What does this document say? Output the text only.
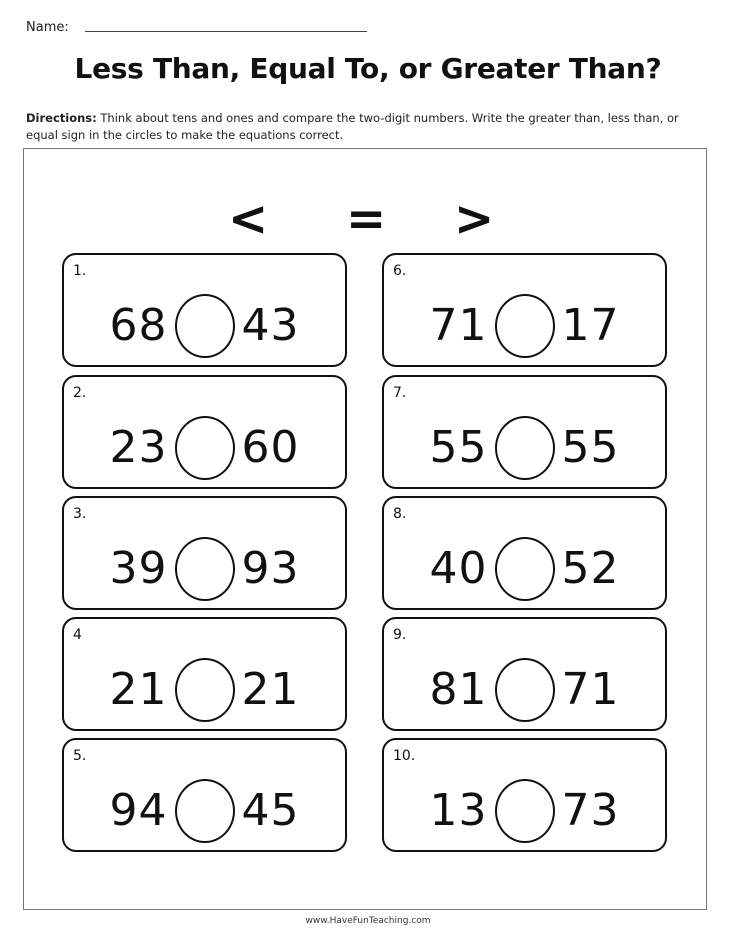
Name:
Less Than, Equal To, or Greater Than?
Directions: Think about tens and ones and compare the two-digit numbers. Write the greater than, less than, or equal sign in the circles to make the equations correct.
< = >
1.
68 43
2.
23 60
3.
39 93
4
21 21
5.
94 45
6.
71 17
7.
55 55
8.
40 52
9.
81 71
10.
13 73
www.HaveFunTeaching.com
